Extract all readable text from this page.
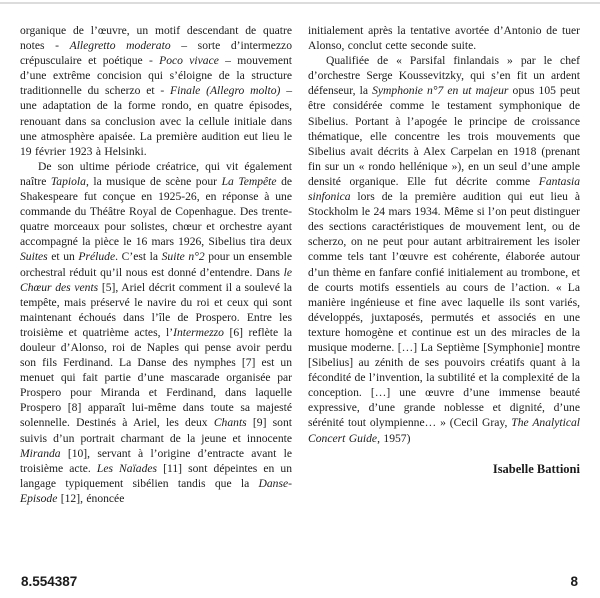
organique de l’œuvre, un motif descendant de quatre notes - Allegretto moderato – sorte d’intermezzo crépusculaire et poétique - Poco vivace – mouvement d’une extrême concision qui s’éloigne de la structure traditionnelle du scherzo et - Finale (Allegro molto) – une adaptation de la forme rondo, en quatre épisodes, renouant dans sa conclusion avec la cellule initiale dans une atmosphère apaisée. La première audition eut lieu le 19 février 1923 à Helsinki.

De son ultime période créatrice, qui vit également naître Tapiola, la musique de scène pour La Tempête de Shakespeare fut conçue en 1925-26, en réponse à une commande du Théâtre Royal de Copenhague. Des trente-quatre morceaux pour solistes, chœur et orchestre ayant accompagné la pièce le 16 mars 1926, Sibelius tira deux Suites et un Prélude. C’est la Suite n°2 pour un ensemble orchestral réduit qu’il nous est donné d’entendre. Dans le Chœur des vents [5], Ariel décrit comment il a soulevé la tempête, mais préservé le navire du roi et ceux qui sont maintenant échoués dans l’île de Prospero. Entre les troisième et quatrième actes, l’Intermezzo [6] reflète la douleur d’Alonso, roi de Naples qui pense avoir perdu son fils Ferdinand. La Danse des nymphes [7] est un menuet qui fait partie d’une mascarade organisée par Prospero pour Miranda et Ferdinand, dans laquelle Prospero [8] apparaît lui-même dans toute sa majesté solennelle. Destinés à Ariel, les deux Chants [9] sont suivis d’un portrait charmant de la jeune et innocente Miranda [10], servant à l’origine d’entracte avant le troisième acte. Les Naïades [11] sont dépeintes en un langage typiquement sibélien tandis que la Danse-Episode [12], énoncée

initialement après la tentative avortée d’Antonio de tuer Alonso, conclut cette seconde suite.

Qualifiée de « Parsifal finlandais » par le chef d’orchestre Serge Koussevitzky, qui s’en fit un ardent défenseur, la Symphonie n°7 en ut majeur opus 105 peut être considérée comme le testament symphonique de Sibelius. Portant à l’apogée le principe de croissance thématique, elle concentre les trois mouvements que Sibelius avait décrits à Alex Carpelan en 1918 (prenant fin sur un « rondo hellénique »), en un seul d’une ample densité organique. Elle fut décrite comme Fantasia sinfonica lors de la première audition qui eut lieu à Stockholm le 24 mars 1934. Même si l’on peut distinguer des sections caractéristiques de mouvement lent, ou de scherzo, on ne peut pour autant arbitrairement les isoler comme tels tant l’œuvre est cohérente, élaborée autour d’un thème en fanfare confié initialement au trombone, et de courts motifs essentiels au cours de l’action. « La manière ingénieuse et fine avec laquelle ils sont variés, développés, juxtaposés, permutés et associés en une texture homogène et continue est un des miracles de la musique moderne. […] La Septième [Symphonie] montre [Sibelius] au zénith de ses pouvoirs créatifs quant à la fécondité de l’invention, la subtilité et la complexité de la conception. […] une œuvre d’une immense beauté expressive, d’une grande noblesse et dignité, d’une sérénité tout olympienne… » (Cecil Gray, The Analytical Concert Guide, 1957)

Isabelle Battioni
8.554387	8
